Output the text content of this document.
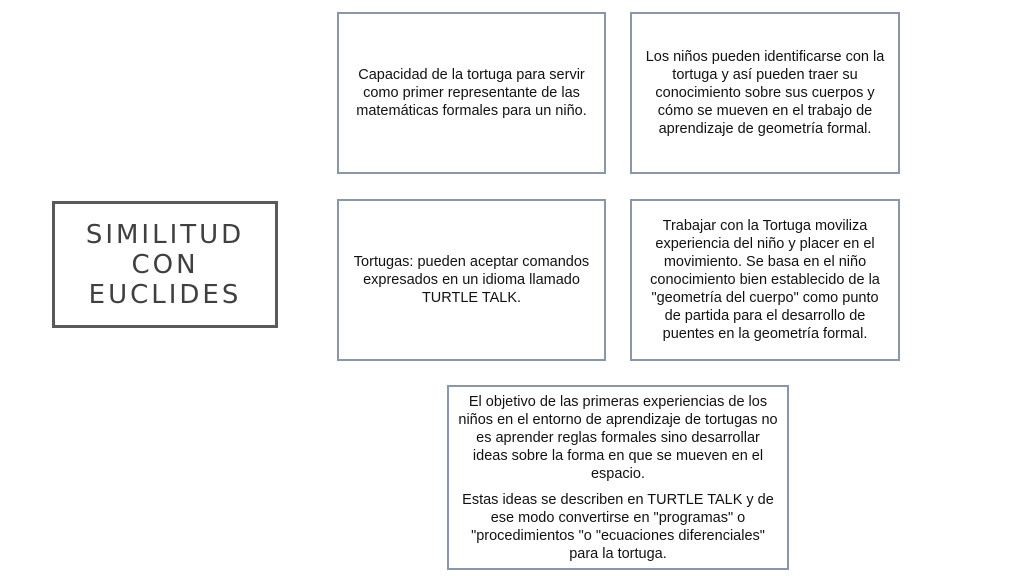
SIMILITUD
CON
EUCLIDES

Capacidad de la tortuga para servir como primer representante de las matemáticas formales para un niño.

Los niños pueden identificarse con la tortuga y así pueden traer su conocimiento sobre sus cuerpos y cómo se mueven en el trabajo de aprendizaje de geometría formal.

Tortugas: pueden aceptar comandos expresados en un idioma llamado TURTLE TALK.

Trabajar con la Tortuga moviliza experiencia del niño y placer en el movimiento. Se basa en el niño conocimiento bien establecido de la "geometría del cuerpo" como punto de partida para el desarrollo de puentes en la geometría formal.

El objetivo de las primeras experiencias de los niños en el entorno de aprendizaje de tortugas no es aprender reglas formales sino desarrollar ideas sobre la forma en que se mueven en el espacio.

Estas ideas se describen en TURTLE TALK y de ese modo convertirse en "programas" o "procedimientos "o "ecuaciones diferenciales" para la tortuga.
